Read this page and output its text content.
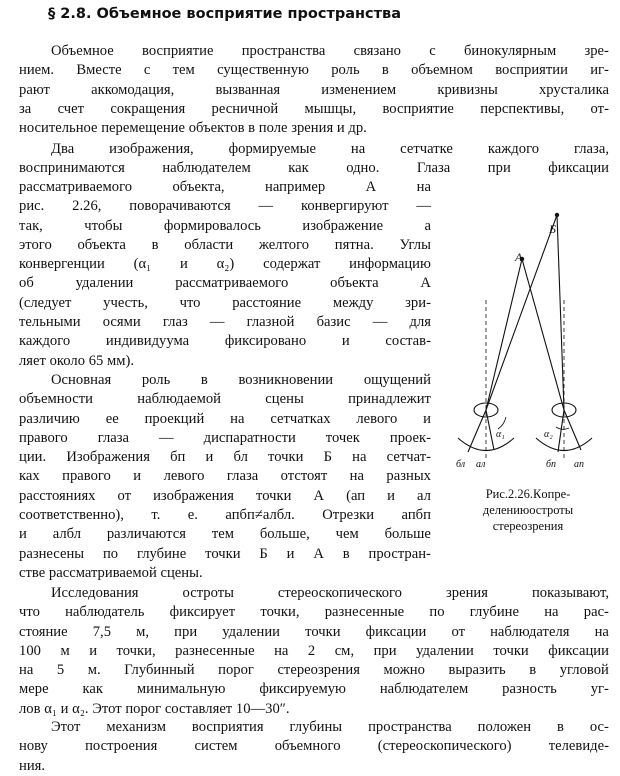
§ 2.8. Объемное восприятие пространства
Объемное восприятие пространства связано с бинокулярным зре-
нием. Вместе с тем существенную роль в объемном восприятии иг-
рают	аккомодация,	вызванная	изменением	кривизны	хрусталика
за счет сокращения ресничной мышцы, восприятие перспективы, от-
носительное перемещение объектов в поле зрения и др.
Два изображения, формируемые на сетчатке каждого глаза,
воспринимаются	наблюдателем	как	одно.	Глаза	при	фиксации
рассматриваемого	объекта,	например	А	на
рис. 2.26, поворачиваются — конвергируют —
так,	чтобы	формировалось	изображение	а
этого объекта в области желтого пятна. Углы
конвергенции (α₁ и α₂) содержат информацию
об	удалении	рассматриваемого	объекта	А
(следует учесть, что расстояние между зри-
тельными осями глаз — глазной базис — для
каждого индивидуума фиксировано и состав-
ляет около 65 мм).
Основная роль в возникновении ощущений
объемности	наблюдаемой	сцены	принадлежит
различию ее проекций на сетчатках левого и
правого глаза — диспаратности точек проек-
ции. Изображения бп и бл точки Б на сетчат-
ках правого и левого глаза отстоят на разных
расстояниях от изображения точки А (ап и ал
соответственно), т. е. апбп≠албл. Отрезки апбп
и албл различаются тем больше, чем больше
разнесены по глубине точки Б и А в простран-
стве рассматриваемой сцены.
Б
А
α₁	α₂
бл ал	бп ап
Рис. 2.26. К опре-
делению остроты
стереозрения
Исследования	остроты	стереоскопического	зрения	показывают,
что наблюдатель фиксирует точки, разнесенные по глубине на рас-
стояние 7,5 м, при удалении точки фиксации от наблюдателя на
100 м и точки, разнесенные на 2 см, при удалении точки фиксации
на 5 м. Глубинный порог стереозрения можно выразить в угловой
мере как минимальную фиксируемую наблюдателем разность уг-
лов α₁ и α₂. Этот порог составляет 10—30″.
Этот механизм восприятия глубины пространства положен в ос-
нову	построения	систем	объемного	(стереоскопического)	телевиде-
ния.
